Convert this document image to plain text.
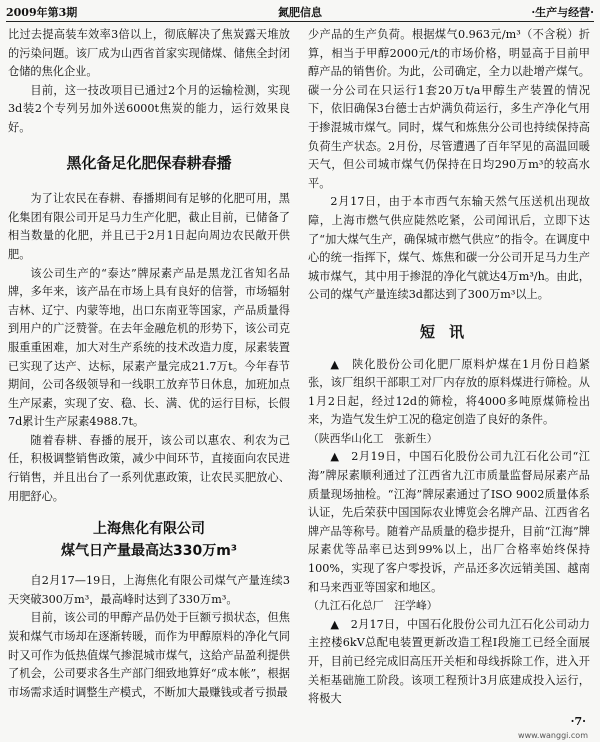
2009年第3期	氮肥信息	·生产与经营·

比过去提高装车效率3倍以上，彻底解决了焦炭露天堆放的污染问题。该厂成为山西省首家实现储煤、储焦全封闭仓储的焦化企业。

目前，这一技改项目已通过2个月的运输检测，实现3d装2个专列另加外送6000t焦炭的能力，运行效果良好。

黑化备足化肥保春耕春播

为了让农民在春耕、春播期间有足够的化肥可用，黑化集团有限公司开足马力生产化肥，截止目前，已储备了相当数量的化肥，并且已于2月1日起向周边农民敞开供肥。

该公司生产的“泰达”牌尿素产品是黑龙江省知名品牌，多年来，该产品在市场上具有良好的信誉，市场辐射吉林、辽宁、内蒙等地，出口东南亚等国家，产品质量得到用户的广泛赞誉。在去年金融危机的形势下，该公司克服重重困难，加大对生产系统的技术改造力度，尿素装置已实现了达产、达标，尿素产量完成21.7万t。今年春节期间，公司各级领导和一线职工放弃节日休息，加班加点生产尿素，实现了安、稳、长、满、优的运行目标，长假7d累计生产尿素4988.7t。

随着春耕、春播的展开，该公司以惠农、利农为己任，积极调整销售政策，减少中间环节，直接面向农民进行销售，并且出台了一系列优惠政策，让农民买肥放心、用肥舒心。

上海焦化有限公司
煤气日产量最高达330万m³

自2月17—19日，上海焦化有限公司煤气产量连续3天突破300万m³，最高峰时达到了330万m³。

目前，该公司的甲醇产品仍处于巨额亏损状态，但焦炭和煤气市场却在逐渐转暖，而作为甲醇原料的净化气同时又可作为低热值煤气掺混城市煤气，这給产品盈利提供了机会，公司要求各生产部门细致地算好“成本帐”，根据市场需求适时调整生产模式，不断加大最赚钱或者亏损最

少产品的生产负荷。根据煤气0.963元/m³（不含税）折算，相当于甲醇2000元/t的市场价格，明显高于目前甲醇产品的销售价。为此，公司确定，全力以赴增产煤气。碳一分公司在只运行1套20万t/a甲醇生产装置的情况下，依旧确保3台德士古炉满负荷运行，多生产净化气用于掺混城市煤气。同时，煤气和炼焦分公司也持续保持高负荷生产状态。2月份，尽管遭遇了百年罕见的高温回暖天气，但公司城市煤气仍保持在日均290万m³的较高水平。

2月17日，由于本市西气东输天然气压送机出现故障，上海市燃气供应陡然吃紧，公司闻讯后，立即下达了“加大煤气生产，确保城市燃气供应”的指令。在调度中心的统一指挥下，煤气、炼焦和碳一分公司开足马力生产城市煤气，其中用于掺混的净化气就达4万m³/h。由此，公司的煤气产量连续3d都达到了300万m³以上。

短讯

▲　陕化股份公司化肥厂原料炉煤在1月份日趋紧张，该厂组织干部职工对厂内存放的原料煤进行筛检。从1月2日起，经过12d的筛检，将4000多吨原煤筛检出来，为造气发生炉工况的稳定创造了良好的条件。

（陕西华山化工　张新生）

▲　2月19日，中国石化股份公司九江石化公司“江海”牌尿素顺利通过了江西省九江市质量监督局尿素产品质量现场抽检。“江海”牌尿素通过了ISO 9002质量体系认证，先后荣获中国国际农业博览会名牌产品、江西省名牌产品等称号。随着产品质量的稳步提升，目前“江海”牌尿素优等品率已达到99%以上，出厂合格率始终保持100%，实现了客户零投诉，产品还多次远销美国、越南和马来西亚等国家和地区。

（九江石化总厂　汪学峰）

▲　2月17日，中国石化股份公司九江石化公司动力主控楼6kV总配电装置更新改造工程Ⅰ段施工已经全面展开，目前已经完成旧高压开关柜和母线拆除工作，进入开关柜基础施工阶段。该项工程预计3月底建成投入运行，将极大

·7·
www.wanggi.com
